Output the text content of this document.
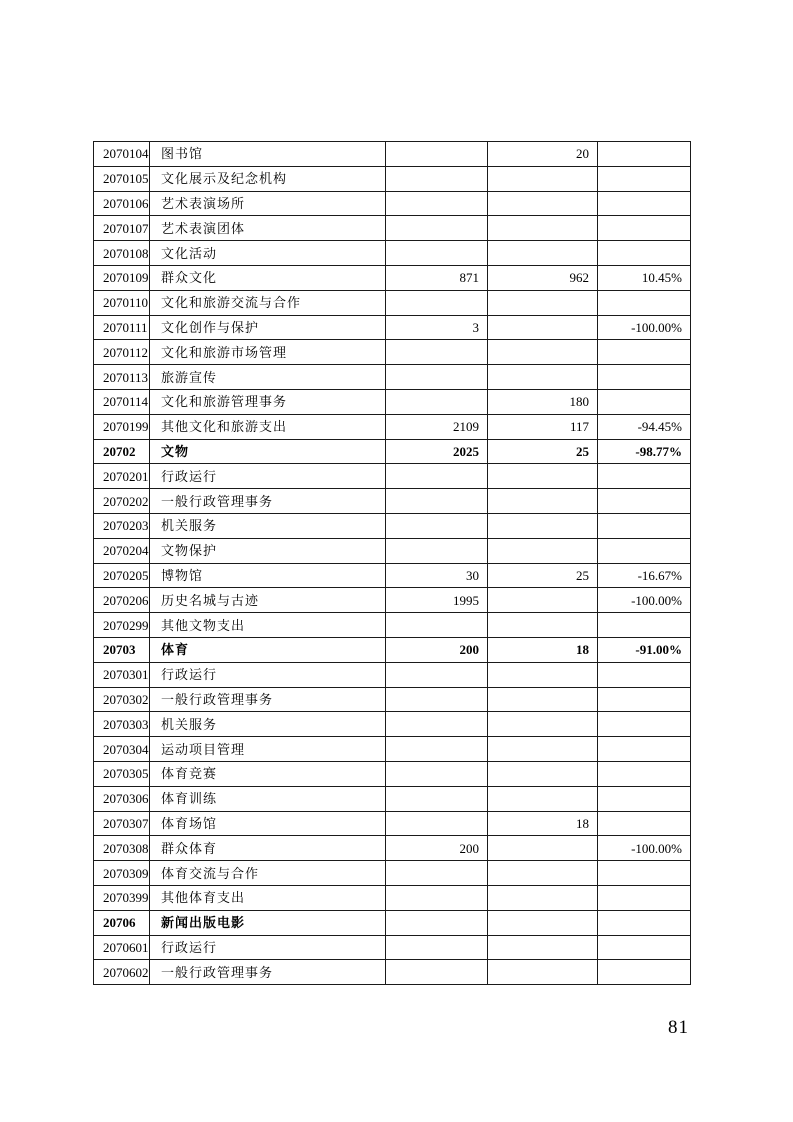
2070104	图书馆		20	
2070105	文化展示及纪念机构			
2070106	艺术表演场所			
2070107	艺术表演团体			
2070108	文化活动			
2070109	群众文化	871	962	10.45%
2070110	文化和旅游交流与合作			
2070111	文化创作与保护	3		-100.00%
2070112	文化和旅游市场管理			
2070113	旅游宣传			
2070114	文化和旅游管理事务		180	
2070199	其他文化和旅游支出	2109	117	-94.45%
20702	文物	2025	25	-98.77%
2070201	行政运行			
2070202	一般行政管理事务			
2070203	机关服务			
2070204	文物保护			
2070205	博物馆	30	25	-16.67%
2070206	历史名城与古迹	1995		-100.00%
2070299	其他文物支出			
20703	体育	200	18	-91.00%
2070301	行政运行			
2070302	一般行政管理事务			
2070303	机关服务			
2070304	运动项目管理			
2070305	体育竞赛			
2070306	体育训练			
2070307	体育场馆		18	
2070308	群众体育	200		-100.00%
2070309	体育交流与合作			
2070399	其他体育支出			
20706	新闻出版电影			
2070601	行政运行			
2070602	一般行政管理事务			
81
